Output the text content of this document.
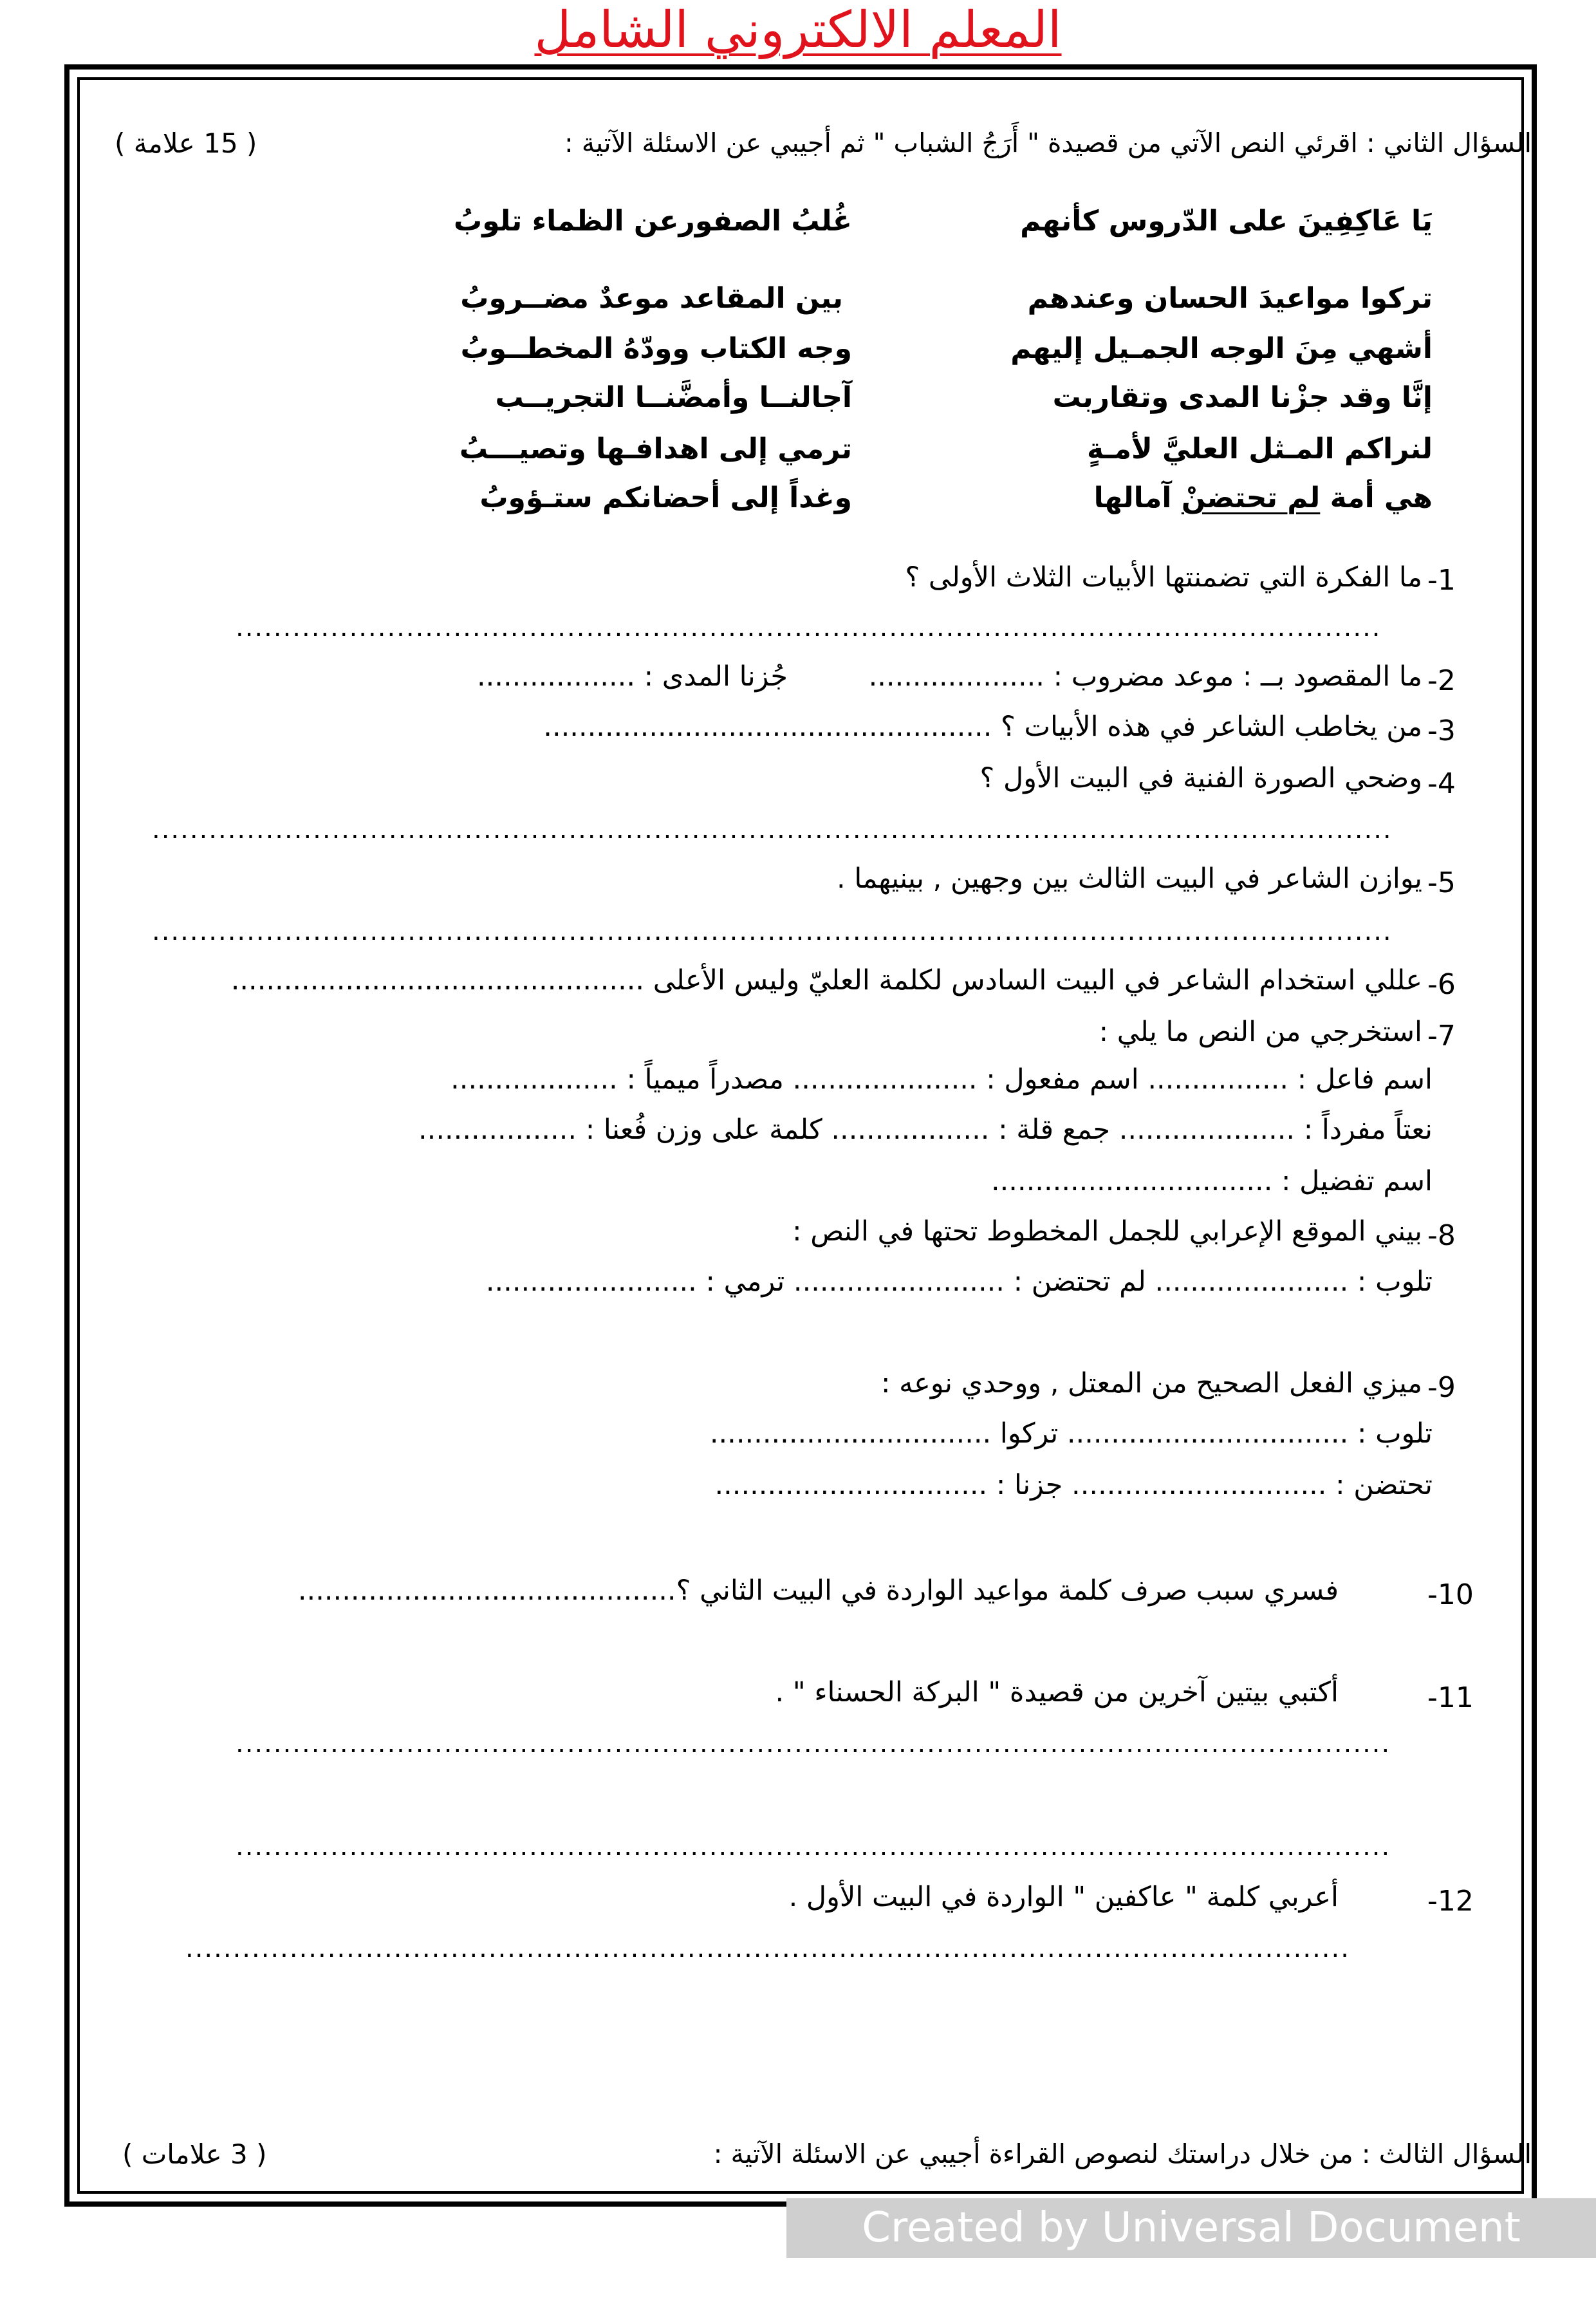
المعلم الالكتروني الشامل
السؤال الثاني : اقرئي النص الآتي من قصيدة " أَرَجُ الشباب " ثم أجيبي عن الاسئلة الآتية :
( 15 علامة )
يَا عَاكِفِينَ على الدّروس كأنهم
غُلبُ الصفورعن الظماء تلوبُ
تركوا مواعيدَ الحسان وعندهم
بين المقاعد موعدٌ مضــروبُ
أشهي مِنَ الوجه الجمـيل إليهم
وجه الكتاب وودّهُ المخطــوبُ
إنَّا وقد جزْنا المدى وتقاربت
آجالنــا وأمضَّنــا التجريــب
لنراكم المـثل العليَّ لأمـةٍ
ترمي إلى اهدافـها وتصيـــبُ
هي أمة لم تحتضنْ آمالها
وغداً إلى أحضانكم ستـؤوبُ
-1
ما الفكرة التي تضمنتها الأبيات الثلاث الأولى ؟
.........................................................................................................................
-2
ما المقصود بــ : موعد مضروب : ....................
جُزنا المدى : ..................
-3
من يخاطب الشاعر في هذه الأبيات ؟ ...................................................
-4
وضحي الصورة الفنية في البيت الأول ؟
...................................................................................................................................
-5
يوازن الشاعر في البيت الثالث بين وجهين , بينيهما .
...................................................................................................................................
-6
عللي استخدام الشاعر في البيت السادس لكلمة العليّ وليس الأعلى ...............................................
-7
استخرجي من النص ما يلي :
اسم فاعل : ................ اسم مفعول : ..................... مصدراً ميمياً : ...................
نعتاً مفرداً : .................... جمع قلة : .................. كلمة على وزن فُعنا : ..................
اسم تفضيل : ................................
-8
بيني الموقع الإعرابي للجمل المخطوط تحتها في النص :
تلوب : ...................... لم تحتضن : ........................ ترمي : ........................
-9
ميزي الفعل الصحيح من المعتل , ووحدي نوعه :
تلوب : ................................ تركوا ................................
تحتضن : ............................. جزنا : ...............................
-10
فسري سبب صرف كلمة مواعيد الواردة في البيت الثاني ؟...........................................
-11
أكتبي بيتين آخرين من قصيدة " البركة الحسناء " .
..........................................................................................................................
..........................................................................................................................
-12
أعربي كلمة " عاكفين " الواردة في البيت الأول .
...........................................................................................................................
السؤال الثالث : من خلال دراستك لنصوص القراءة أجيبي عن الاسئلة الآتية :
( 3 علامات )
Created by Universal Document Converter
